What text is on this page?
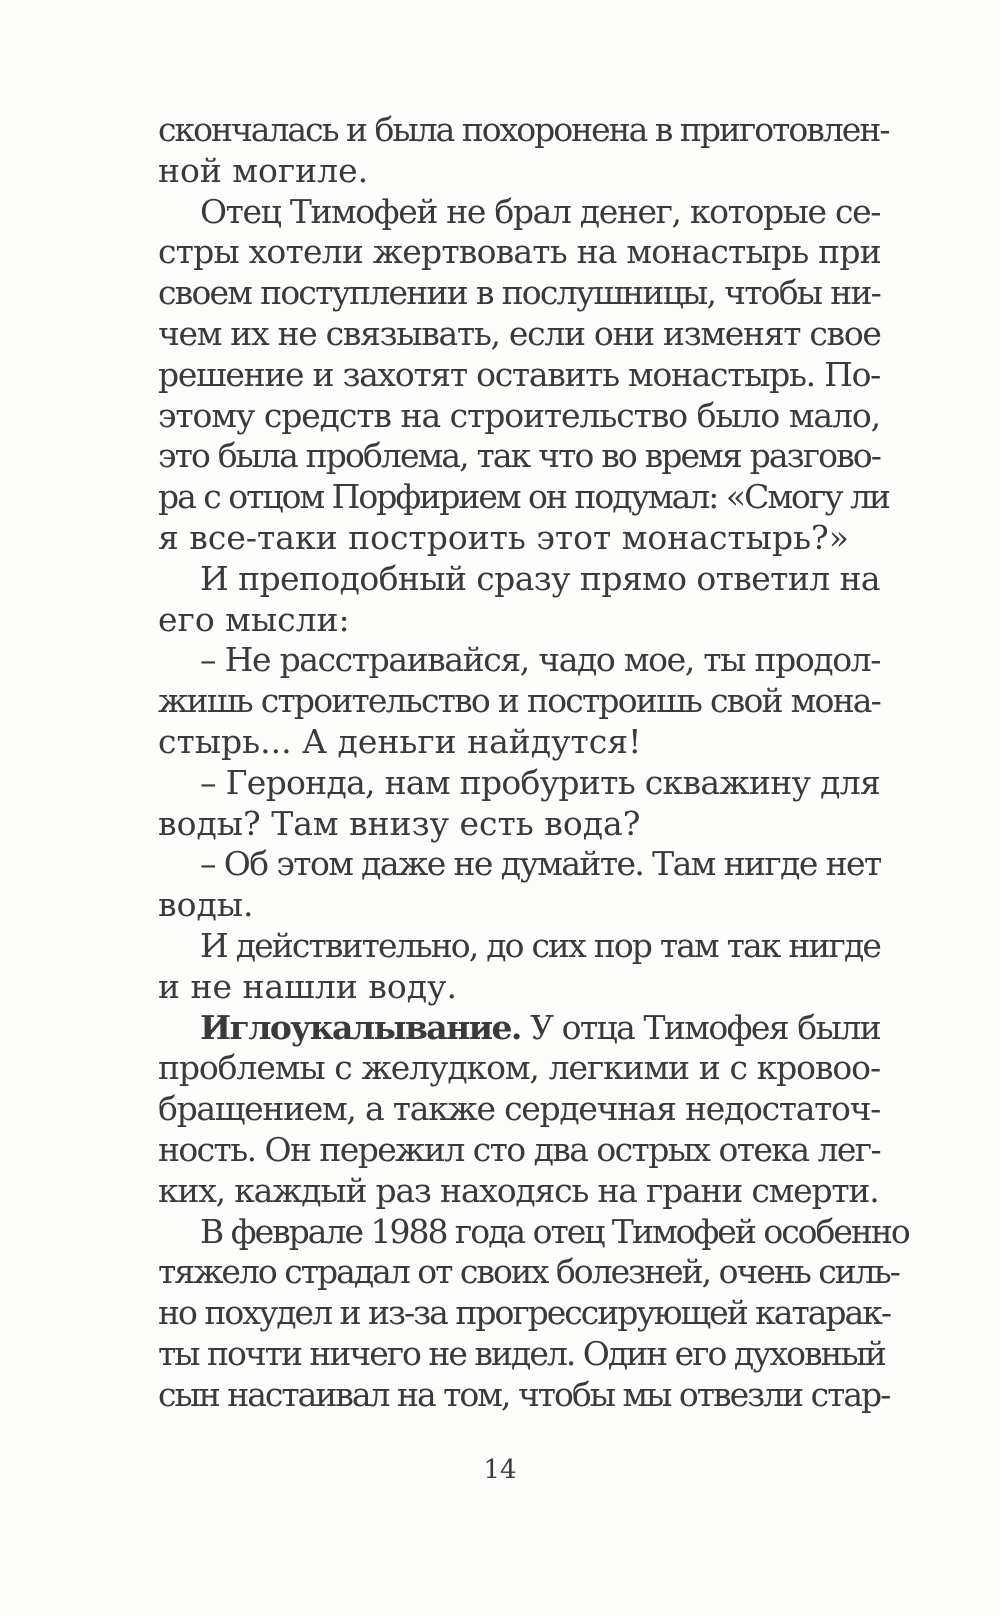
скончалась и была похоронена в приготовлен-
ной могиле.
Отец Тимофей не брал денег, которые се-
стры хотели жертвовать на монастырь при
своем поступлении в послушницы, чтобы ни-
чем их не связывать, если они изменят свое
решение и захотят оставить монастырь. По-
этому средств на строительство было мало,
это была проблема, так что во время разгово-
ра с отцом Порфирием он подумал: «Смогу ли
я все-таки построить этот монастырь?»
И преподобный сразу прямо ответил на
его мысли:
– Не расстраивайся, чадо мое, ты продол-
жишь строительство и построишь свой мона-
стырь... А деньги найдутся!
– Геронда, нам пробурить скважину для
воды? Там внизу есть вода?
– Об этом даже не думайте. Там нигде нет
воды.
И действительно, до сих пор там так нигде
и не нашли воду.
Иглоукалывание. У отца Тимофея были
проблемы с желудком, легкими и с кровоо-
бращением, а также сердечная недостаточ-
ность. Он пережил сто два острых отека лег-
ких, каждый раз находясь на грани смерти.
В феврале 1988 года отец Тимофей особенно
тяжело страдал от своих болезней, очень силь-
но похудел и из-за прогрессирующей катарак-
ты почти ничего не видел. Один его духовный
сын настаивал на том, чтобы мы отвезли стар-
14
